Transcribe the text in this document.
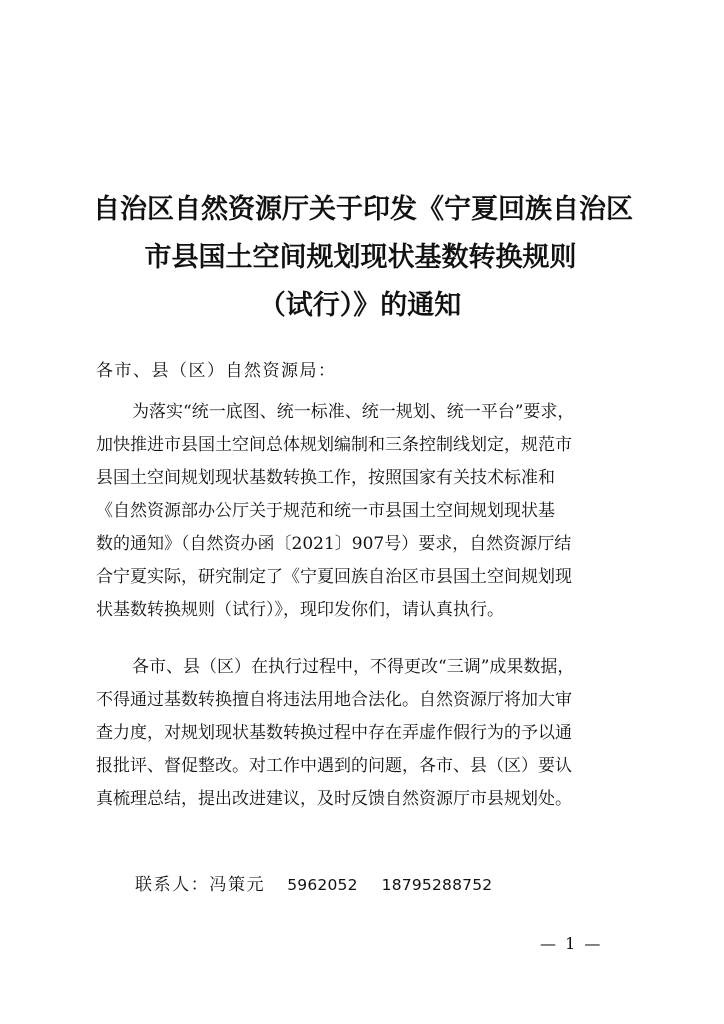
自治区自然资源厅关于印发《宁夏回族自治区
市县国土空间规划现状基数转换规则
（试行）》的通知
各市、县（区）自然资源局：
为落实“统一底图、统一标准、统一规划、统一平台”要求，
加快推进市县国土空间总体规划编制和三条控制线划定，规范市
县国土空间规划现状基数转换工作，按照国家有关技术标准和
《自然资源部办公厅关于规范和统一市县国土空间规划现状基
数的通知》（自然资办函〔2021〕907号）要求，自然资源厅结
合宁夏实际，研究制定了《宁夏回族自治区市县国土空间规划现
状基数转换规则（试行）》，现印发你们，请认真执行。
各市、县（区）在执行过程中，不得更改“三调”成果数据，
不得通过基数转换擅自将违法用地合法化。自然资源厅将加大审
查力度，对规划现状基数转换过程中存在弄虚作假行为的予以通
报批评、督促整改。对工作中遇到的问题，各市、县（区）要认
真梳理总结，提出改进建议，及时反馈自然资源厅市县规划处。
联系人：冯策元 5962052 18795288752
— 1 —
